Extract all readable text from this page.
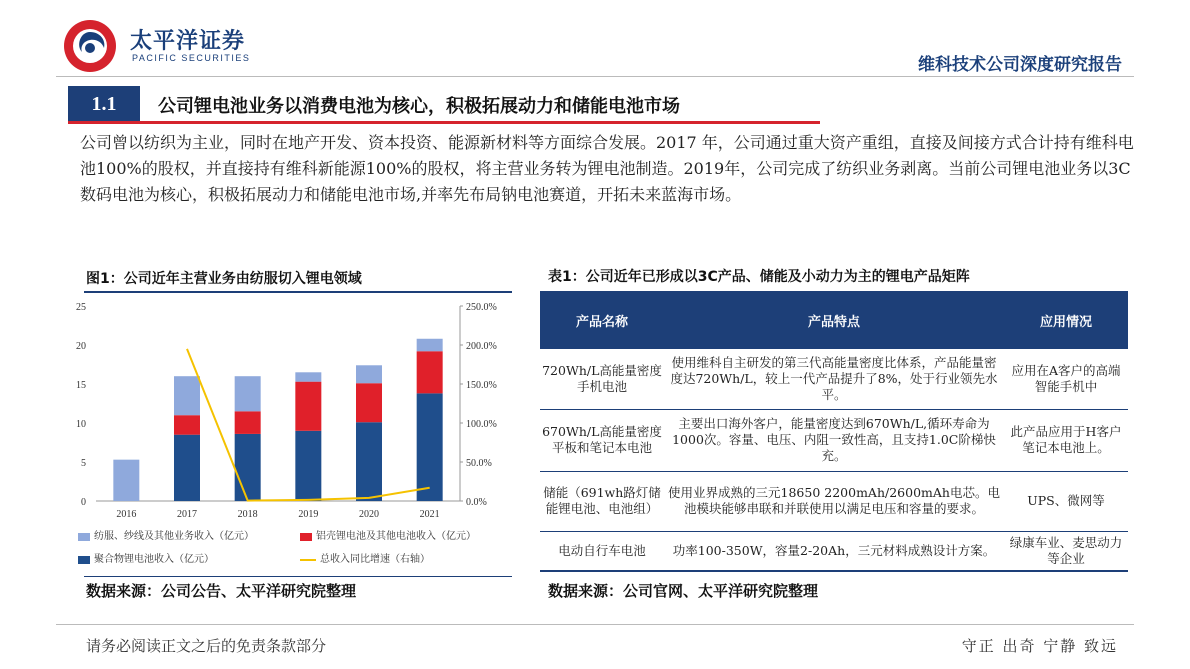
太平洋证券
PACIFIC SECURITIES	维科技术公司深度研究报告
1.1	公司锂电池业务以消费电池为核心，积极拓展动力和储能电池市场
公司曾以纺织为主业，同时在地产开发、资本投资、能源新材料等方面综合发展。2017 年，公司通过重大资产重组，直接及间接方式合计持有维科电池100%的股权，并直接持有维科新能源100%的股权，将主营业务转为锂电池制造。2019年，公司完成了纺织业务剥离。当前公司锂电池业务以3C数码电池为核心，积极拓展动力和储能电池市场,并率先布局钠电池赛道，开拓未来蓝海市场。
图1：公司近年主营业务由纺服切入锂电领域
0
5
10
15
20
25
0.0%
50.0%
100.0%
150.0%
200.0%
250.0%
2016	2017	2018	2019	2020	2021
纺服、纱线及其他业务收入（亿元）	铝壳锂电池及其他电池收入（亿元）
聚合物锂电池收入（亿元）	总收入同比增速（右轴）
数据来源：公司公告、太平洋研究院整理
表1：公司近年已形成以3C产品、储能及小动力为主的锂电产品矩阵
产品名称	产品特点	应用情况
720Wh/L高能量密度手机电池	使用维科自主研发的第三代高能量密度比体系，产品能量密度达720Wh/L，较上一代产品提升了8%，处于行业领先水平。	应用在A客户的高端智能手机中
670Wh/L高能量密度平板和笔记本电池	主要出口海外客户，能量密度达到670Wh/L,循环寿命为1000次。容量、电压、内阻一致性高，且支持1.0C阶梯快充。	此产品应用于H客户笔记本电池上。
储能（691wh路灯储能锂电池、电池组）	使用业界成熟的三元18650 2200mAh/2600mAh电芯。电池模块能够串联和并联使用以满足电压和容量的要求。	UPS、微网等
电动自行车电池	功率100-350W，容量2-20Ah，三元材料成熟设计方案。	绿康车业、麦思动力等企业
数据来源：公司官网、太平洋研究院整理
请务必阅读正文之后的免责条款部分	守正 出奇 宁静 致远
